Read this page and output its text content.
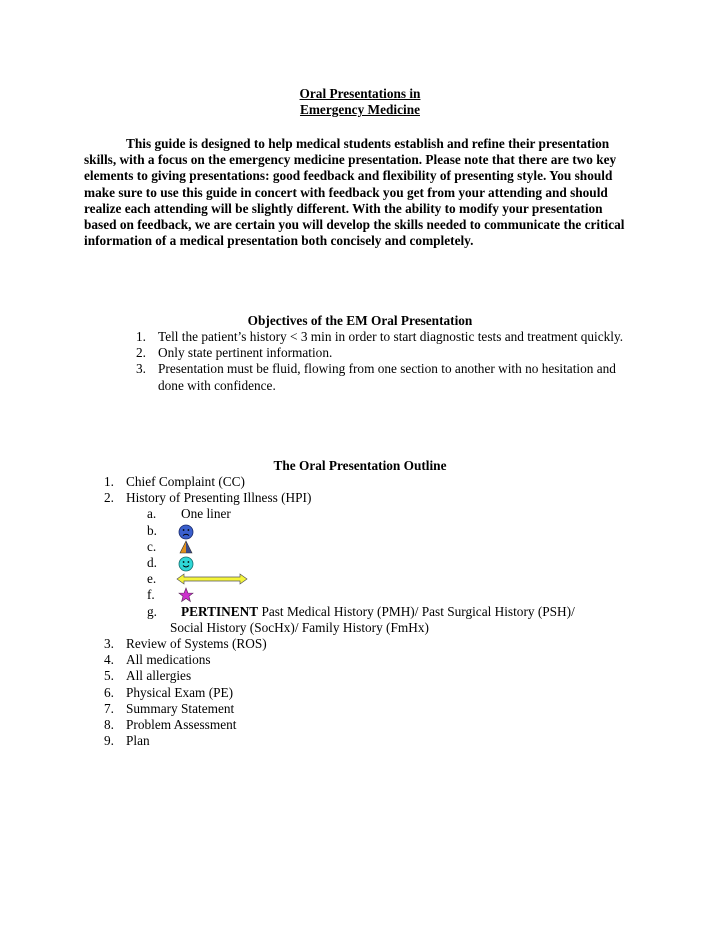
Oral Presentations in
Emergency Medicine

This guide is designed to help medical students establish and refine their presentation skills, with a focus on the emergency medicine presentation. Please note that there are two key elements to giving presentations: good feedback and flexibility of presenting style. You should make sure to use this guide in concert with feedback you get from your attending and should realize each attending will be slightly different. With the ability to modify your presentation based on feedback, we are certain you will develop the skills needed to communicate the critical information of a medical presentation both concisely and completely.

Objectives of the EM Oral Presentation
1. Tell the patient’s history < 3 min in order to start diagnostic tests and treatment quickly.
2. Only state pertinent information.
3. Presentation must be fluid, flowing from one section to another with no hesitation and done with confidence.
The Oral Presentation Outline
1. Chief Complaint (CC)
2. History of Presenting Illness (HPI)
a. One liner
b.
c.
d.
e.
f.
g.	PERTINENT Past Medical History (PMH)/ Past Surgical History (PSH)/
Social History (SocHx)/ Family History (FmHx)
3. Review of Systems (ROS)
4. All medications
5. All allergies
6. Physical Exam (PE)
7. Summary Statement
8. Problem Assessment
9. Plan
